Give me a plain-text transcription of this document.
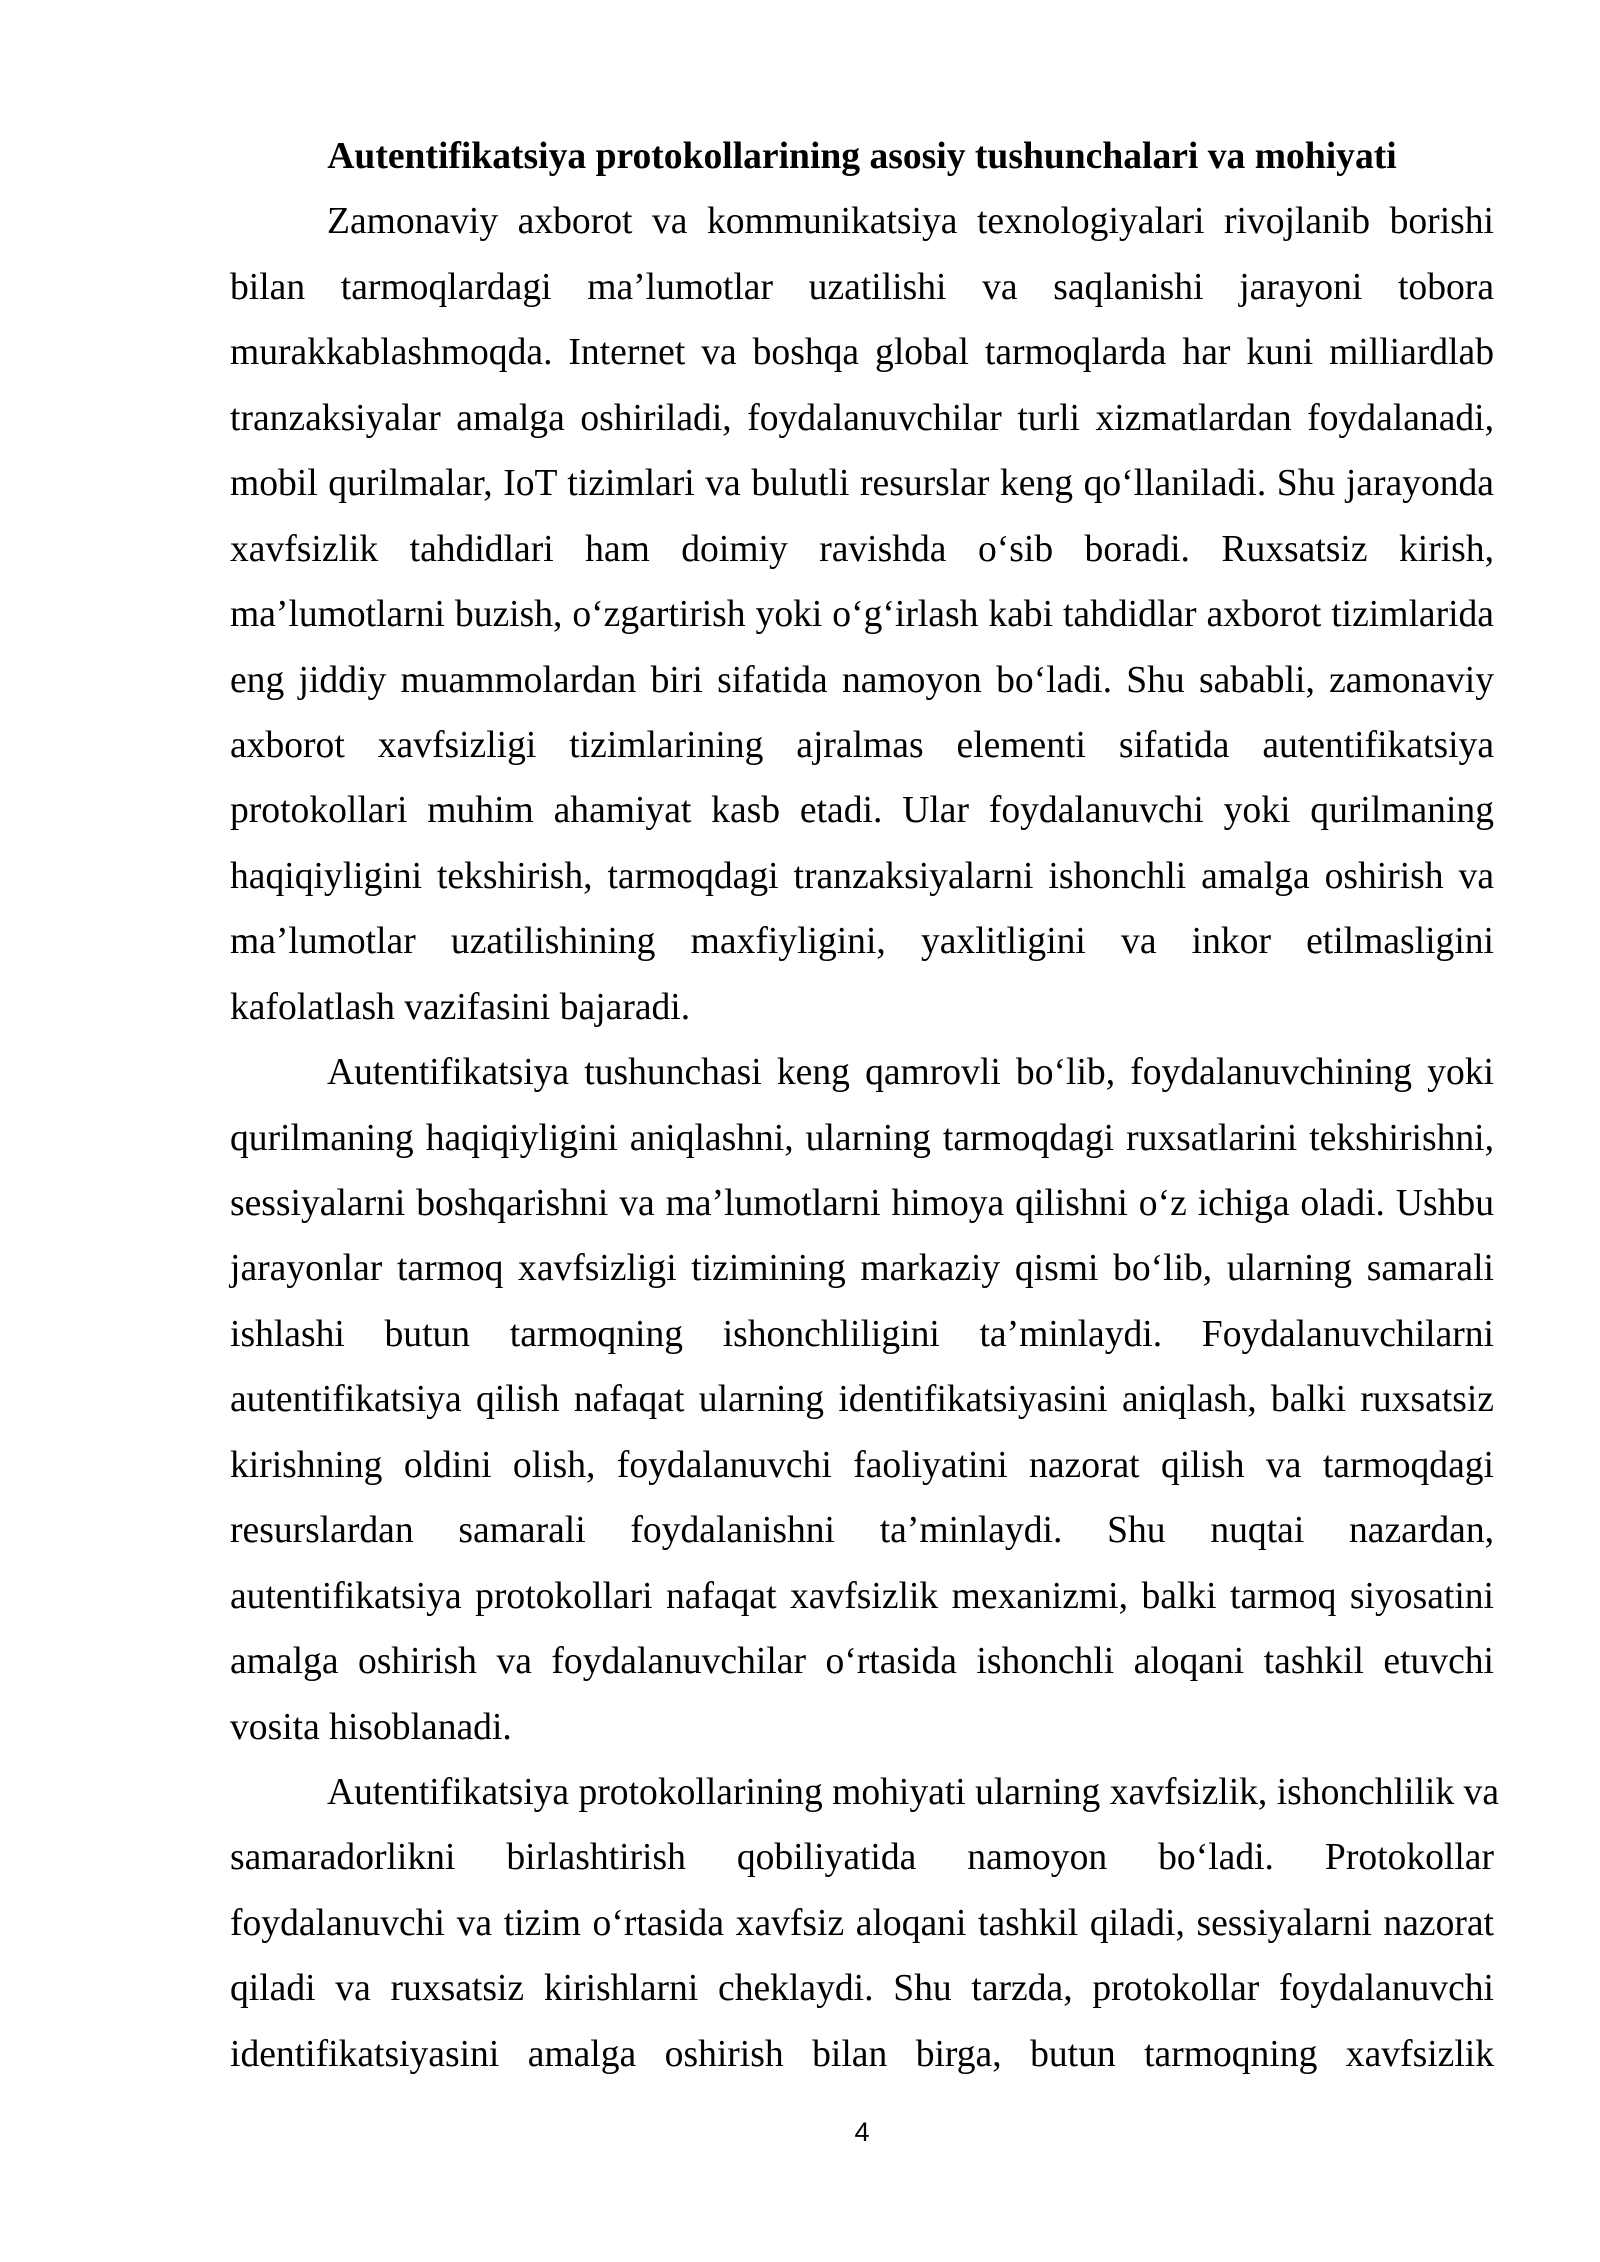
Autentifikatsiya protokollarining asosiy tushunchalari va mohiyati
Zamonaviy axborot va kommunikatsiya texnologiyalari rivojlanib borishi
bilan tarmoqlardagi ma’lumotlar uzatilishi va saqlanishi jarayoni tobora
murakkablashmoqda. Internet va boshqa global tarmoqlarda har kuni milliardlab
tranzaksiyalar amalga oshiriladi, foydalanuvchilar turli xizmatlardan foydalanadi,
mobil qurilmalar, IoT tizimlari va bulutli resurslar keng qo‘llaniladi. Shu jarayonda
xavfsizlik tahdidlari ham doimiy ravishda o‘sib boradi. Ruxsatsiz kirish,
ma’lumotlarni buzish, o‘zgartirish yoki o‘g‘irlash kabi tahdidlar axborot tizimlarida
eng jiddiy muammolardan biri sifatida namoyon bo‘ladi. Shu sababli, zamonaviy
axborot xavfsizligi tizimlarining ajralmas elementi sifatida autentifikatsiya
protokollari muhim ahamiyat kasb etadi. Ular foydalanuvchi yoki qurilmaning
haqiqiyligini tekshirish, tarmoqdagi tranzaksiyalarni ishonchli amalga oshirish va
ma’lumotlar uzatilishining maxfiyligini, yaxlitligini va inkor etilmasligini
kafolatlash vazifasini bajaradi.
Autentifikatsiya tushunchasi keng qamrovli bo‘lib, foydalanuvchining yoki
qurilmaning haqiqiyligini aniqlashni, ularning tarmoqdagi ruxsatlarini tekshirishni,
sessiyalarni boshqarishni va ma’lumotlarni himoya qilishni o‘z ichiga oladi. Ushbu
jarayonlar tarmoq xavfsizligi tizimining markaziy qismi bo‘lib, ularning samarali
ishlashi butun tarmoqning ishonchliligini ta’minlaydi. Foydalanuvchilarni
autentifikatsiya qilish nafaqat ularning identifikatsiyasini aniqlash, balki ruxsatsiz
kirishning oldini olish, foydalanuvchi faoliyatini nazorat qilish va tarmoqdagi
resurslardan samarali foydalanishni ta’minlaydi. Shu nuqtai nazardan,
autentifikatsiya protokollari nafaqat xavfsizlik mexanizmi, balki tarmoq siyosatini
amalga oshirish va foydalanuvchilar o‘rtasida ishonchli aloqani tashkil etuvchi
vosita hisoblanadi.
Autentifikatsiya protokollarining mohiyati ularning xavfsizlik, ishonchlilik va
samaradorlikni birlashtirish qobiliyatida namoyon bo‘ladi. Protokollar
foydalanuvchi va tizim o‘rtasida xavfsiz aloqani tashkil qiladi, sessiyalarni nazorat
qiladi va ruxsatsiz kirishlarni cheklaydi. Shu tarzda, protokollar foydalanuvchi
identifikatsiyasini amalga oshirish bilan birga, butun tarmoqning xavfsizlik
4
